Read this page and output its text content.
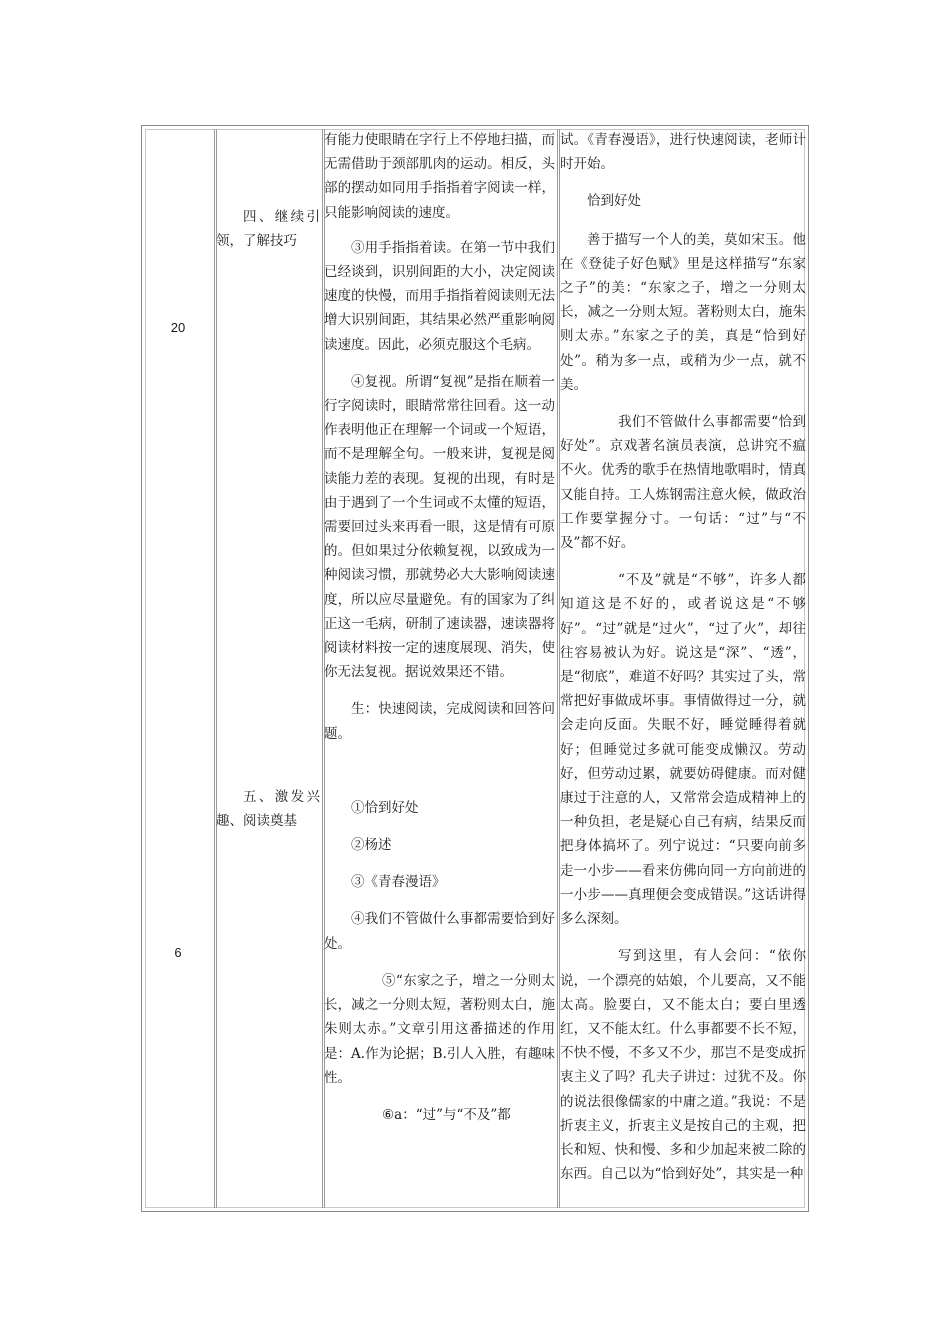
20
6

四、继续引领，了解技巧

五、激发兴趣、阅读奠基

有能力使眼睛在字行上不停地扫描，而无需借助于颈部肌肉的运动。相反，头部的摆动如同用手指指着字阅读一样，只能影响阅读的速度。

③用手指指着读。在第一节中我们已经谈到，识别间距的大小，决定阅读速度的快慢，而用手指指着阅读则无法增大识别间距，其结果必然严重影响阅读速度。因此，必须克服这个毛病。

④复视。所谓“复视”是指在顺着一行字阅读时，眼睛常常往回看。这一动作表明他正在理解一个词或一个短语，而不是理解全句。一般来讲，复视是阅读能力差的表现。复视的出现，有时是由于遇到了一个生词或不太懂的短语，需要回过头来再看一眼，这是情有可原的。但如果过分依赖复视，以致成为一种阅读习惯，那就势必大大影响阅读速度，所以应尽量避免。有的国家为了纠正这一毛病，研制了速读器，速读器将阅读材料按一定的速度展现、消失，使你无法复视。据说效果还不错。

生：快速阅读，完成阅读和回答问题。

①恰到好处

②杨述

③《青春漫语》

④我们不管做什么事都需要恰到好处。

⑤“东家之子，增之一分则太长，减之一分则太短，著粉则太白，施朱则太赤。”文章引用这番描述的作用是：A.作为论据；B.引人入胜，有趣味性。

⑥a：“过”与“不及”都

试。《青春漫语》，进行快速阅读，老师计时开始。

恰到好处

善于描写一个人的美，莫如宋玉。他在《登徒子好色赋》里是这样描写“东家之子”的美：“东家之子，增之一分则太长，减之一分则太短。著粉则太白，施朱则太赤。”东家之子的美，真是“恰到好处”。稍为多一点，或稍为少一点，就不美。

我们不管做什么事都需要“恰到好处”。京戏著名演员表演，总讲究不瘟不火。优秀的歌手在热情地歌唱时，情真又能自持。工人炼钢需注意火候，做政治工作要掌握分寸。一句话：“过”与“不及”都不好。

“不及”就是“不够”，许多人都知道这是不好的，或者说这是“不够好”。“过”就是“过火”，“过了火”，却往往容易被认为好。说这是“深”、“透”，是“彻底”，难道不好吗？其实过了头，常常把好事做成坏事。事情做得过一分，就会走向反面。失眠不好，睡觉睡得着就好；但睡觉过多就可能变成懒汉。劳动好，但劳动过累，就要妨碍健康。而对健康过于注意的人，又常常会造成精神上的一种负担，老是疑心自己有病，结果反而把身体搞坏了。列宁说过：“只要向前多走一小步——看来仿佛向同一方向前进的一小步——真理便会变成错误。”这话讲得多么深刻。

写到这里，有人会问：“依你说，一个漂亮的姑娘，个儿要高，又不能太高。脸要白，又不能太白；要白里透红，又不能太红。什么事都要不长不短，不快不慢，不多又不少，那岂不是变成折衷主义了吗？孔夫子讲过：过犹不及。你的说法很像儒家的中庸之道。”我说：不是折衷主义，折衷主义是按自己的主观，把长和短、快和慢、多和少加起来被二除的东西。自己以为“恰到好处”，其实是一种
